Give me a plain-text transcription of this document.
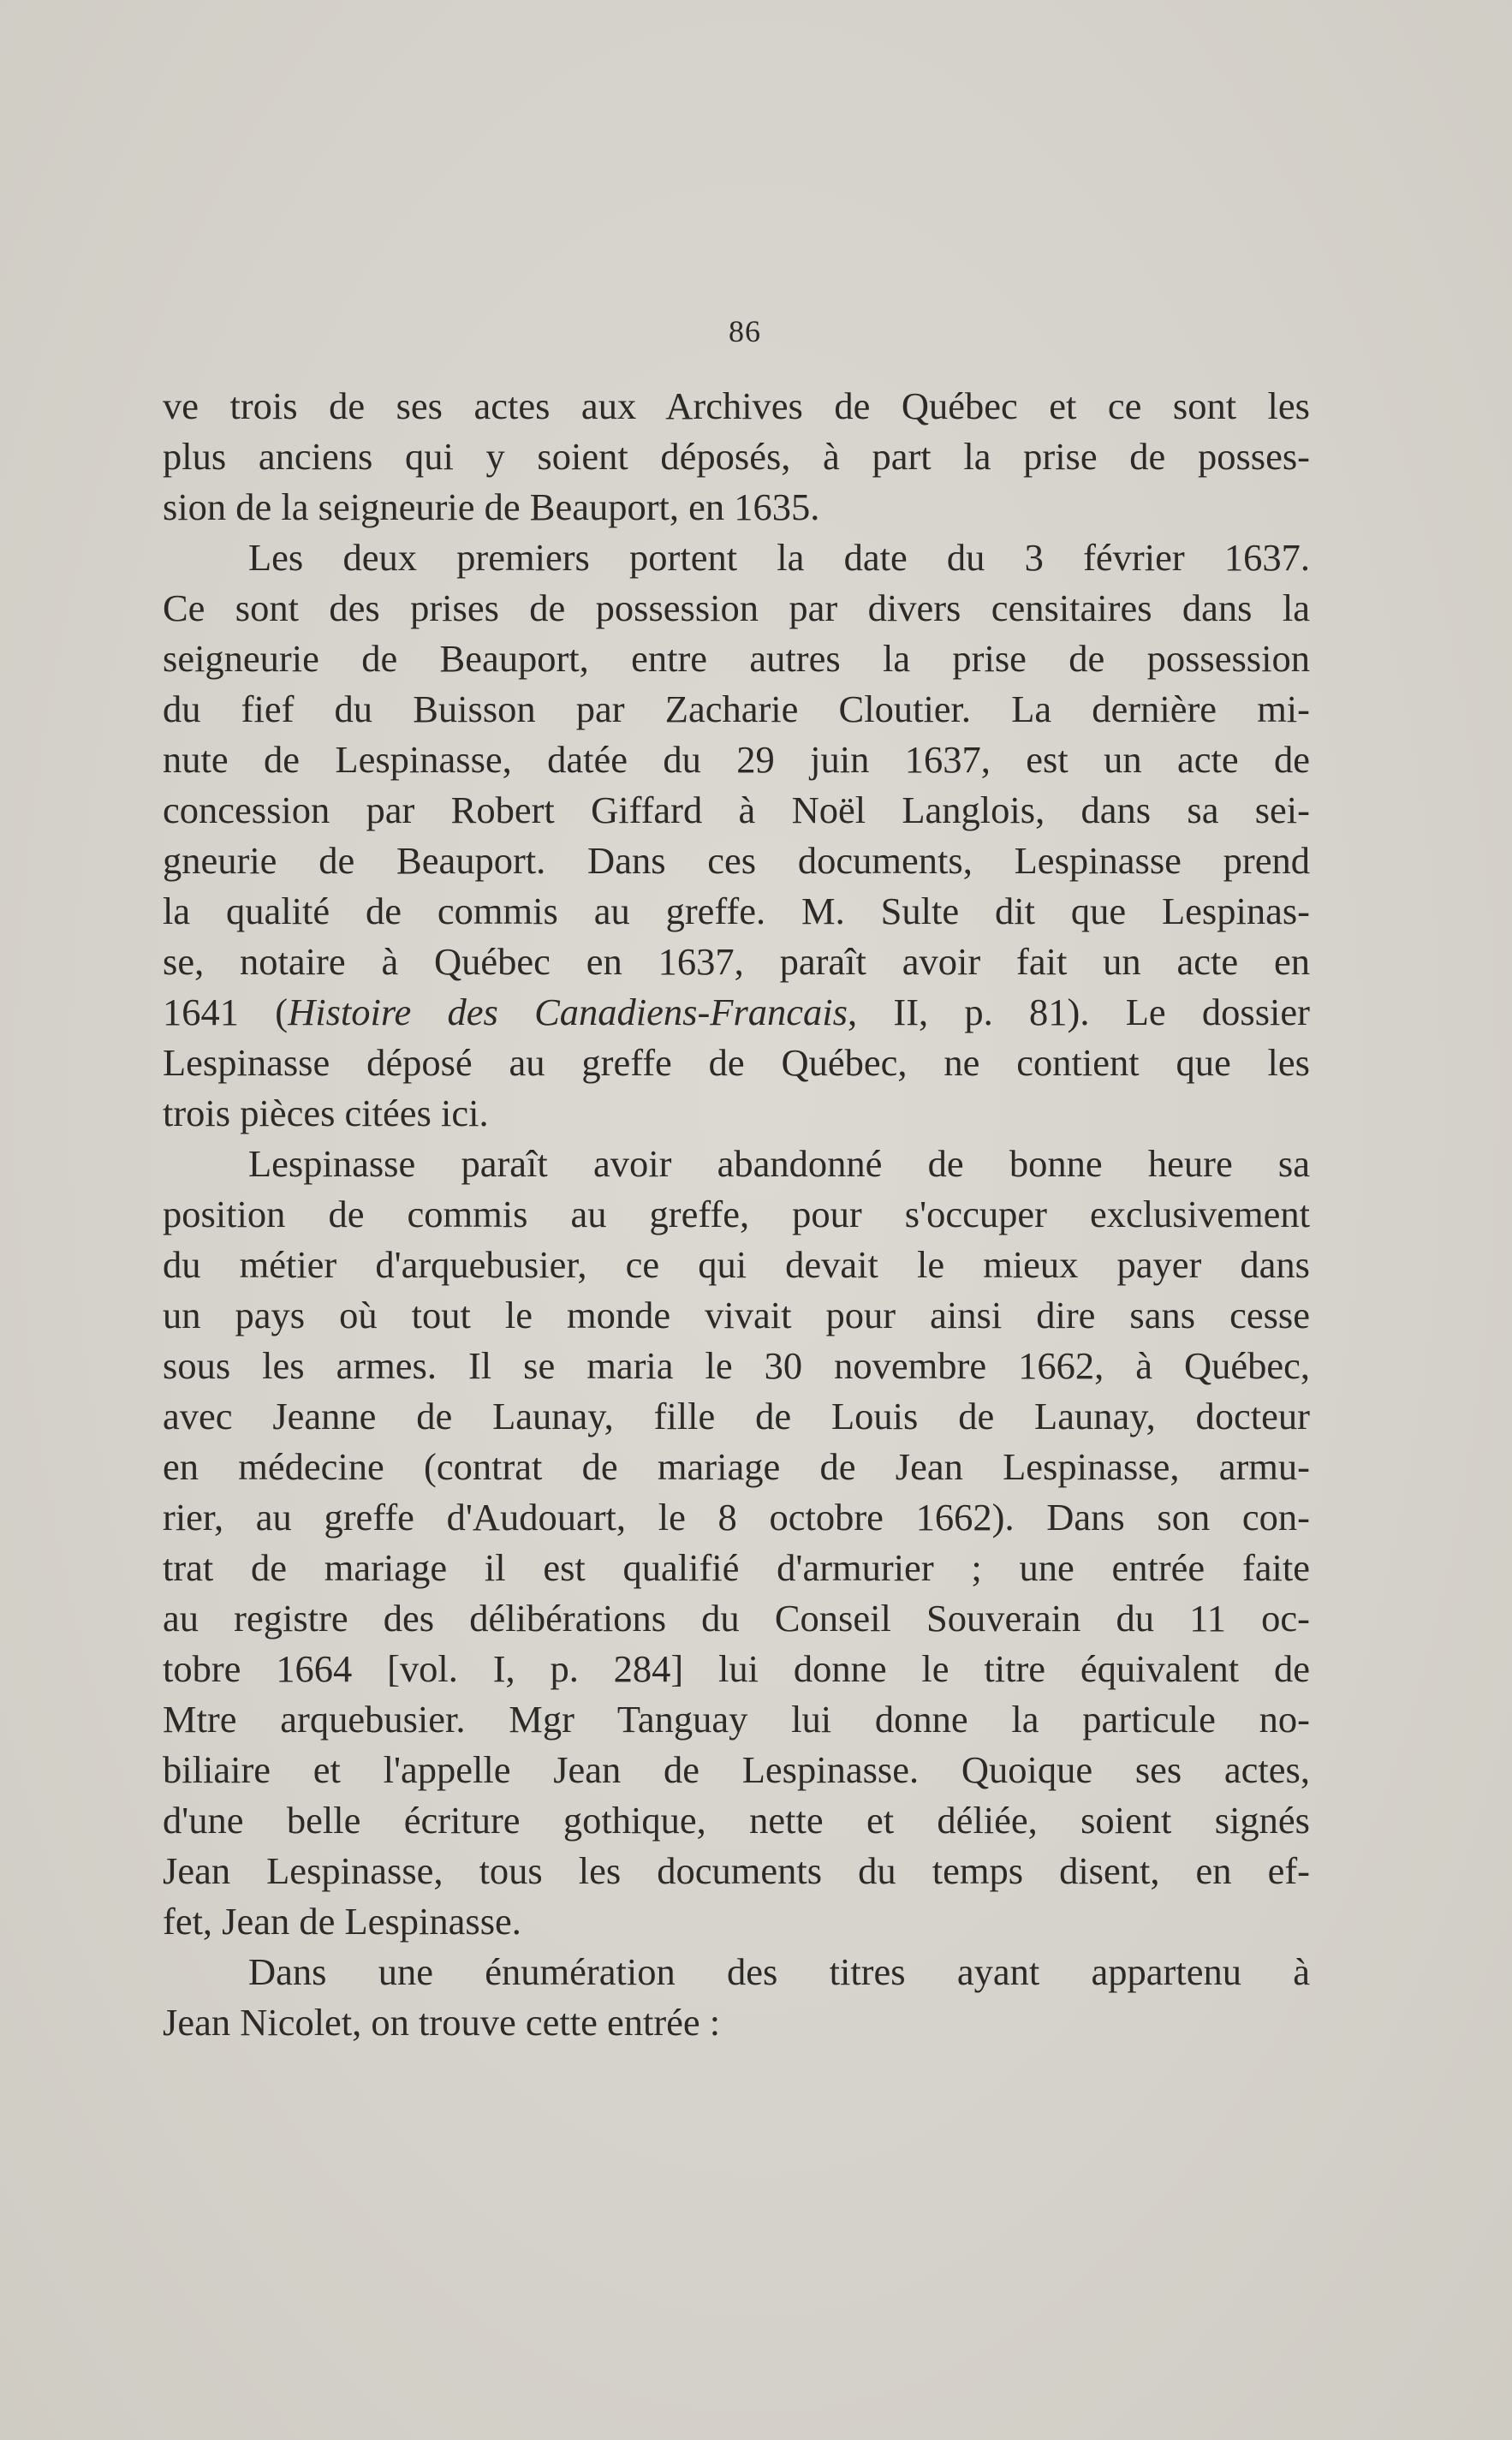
86
ve trois de ses actes aux Archives de Québec et ce sont les
plus anciens qui y soient déposés, à part la prise de posses-
sion de la seigneurie de Beauport, en 1635.
Les deux premiers portent la date du 3 février 1637.
Ce sont des prises de possession par divers censitaires dans la
seigneurie de Beauport, entre autres la prise de possession
du fief du Buisson par Zacharie Cloutier. La dernière mi-
nute de Lespinasse, datée du 29 juin 1637, est un acte de
concession par Robert Giffard à Noël Langlois, dans sa sei-
gneurie de Beauport. Dans ces documents, Lespinasse prend
la qualité de commis au greffe. M. Sulte dit que Lespinas-
se, notaire à Québec en 1637, paraît avoir fait un acte en
1641 (Histoire des Canadiens-Francais, II, p. 81). Le dossier
Lespinasse déposé au greffe de Québec, ne contient que les
trois pièces citées ici.
Lespinasse paraît avoir abandonné de bonne heure sa
position de commis au greffe, pour s'occuper exclusivement
du métier d'arquebusier, ce qui devait le mieux payer dans
un pays où tout le monde vivait pour ainsi dire sans cesse
sous les armes. Il se maria le 30 novembre 1662, à Québec,
avec Jeanne de Launay, fille de Louis de Launay, docteur
en médecine (contrat de mariage de Jean Lespinasse, armu-
rier, au greffe d'Audouart, le 8 octobre 1662). Dans son con-
trat de mariage il est qualifié d'armurier ; une entrée faite
au registre des délibérations du Conseil Souverain du 11 oc-
tobre 1664 [vol. I, p. 284] lui donne le titre équivalent de
Mtre arquebusier. Mgr Tanguay lui donne la particule no-
biliaire et l'appelle Jean de Lespinasse. Quoique ses actes,
d'une belle écriture gothique, nette et déliée, soient signés
Jean Lespinasse, tous les documents du temps disent, en ef-
fet, Jean de Lespinasse.
Dans une énumération des titres ayant appartenu à
Jean Nicolet, on trouve cette entrée :
